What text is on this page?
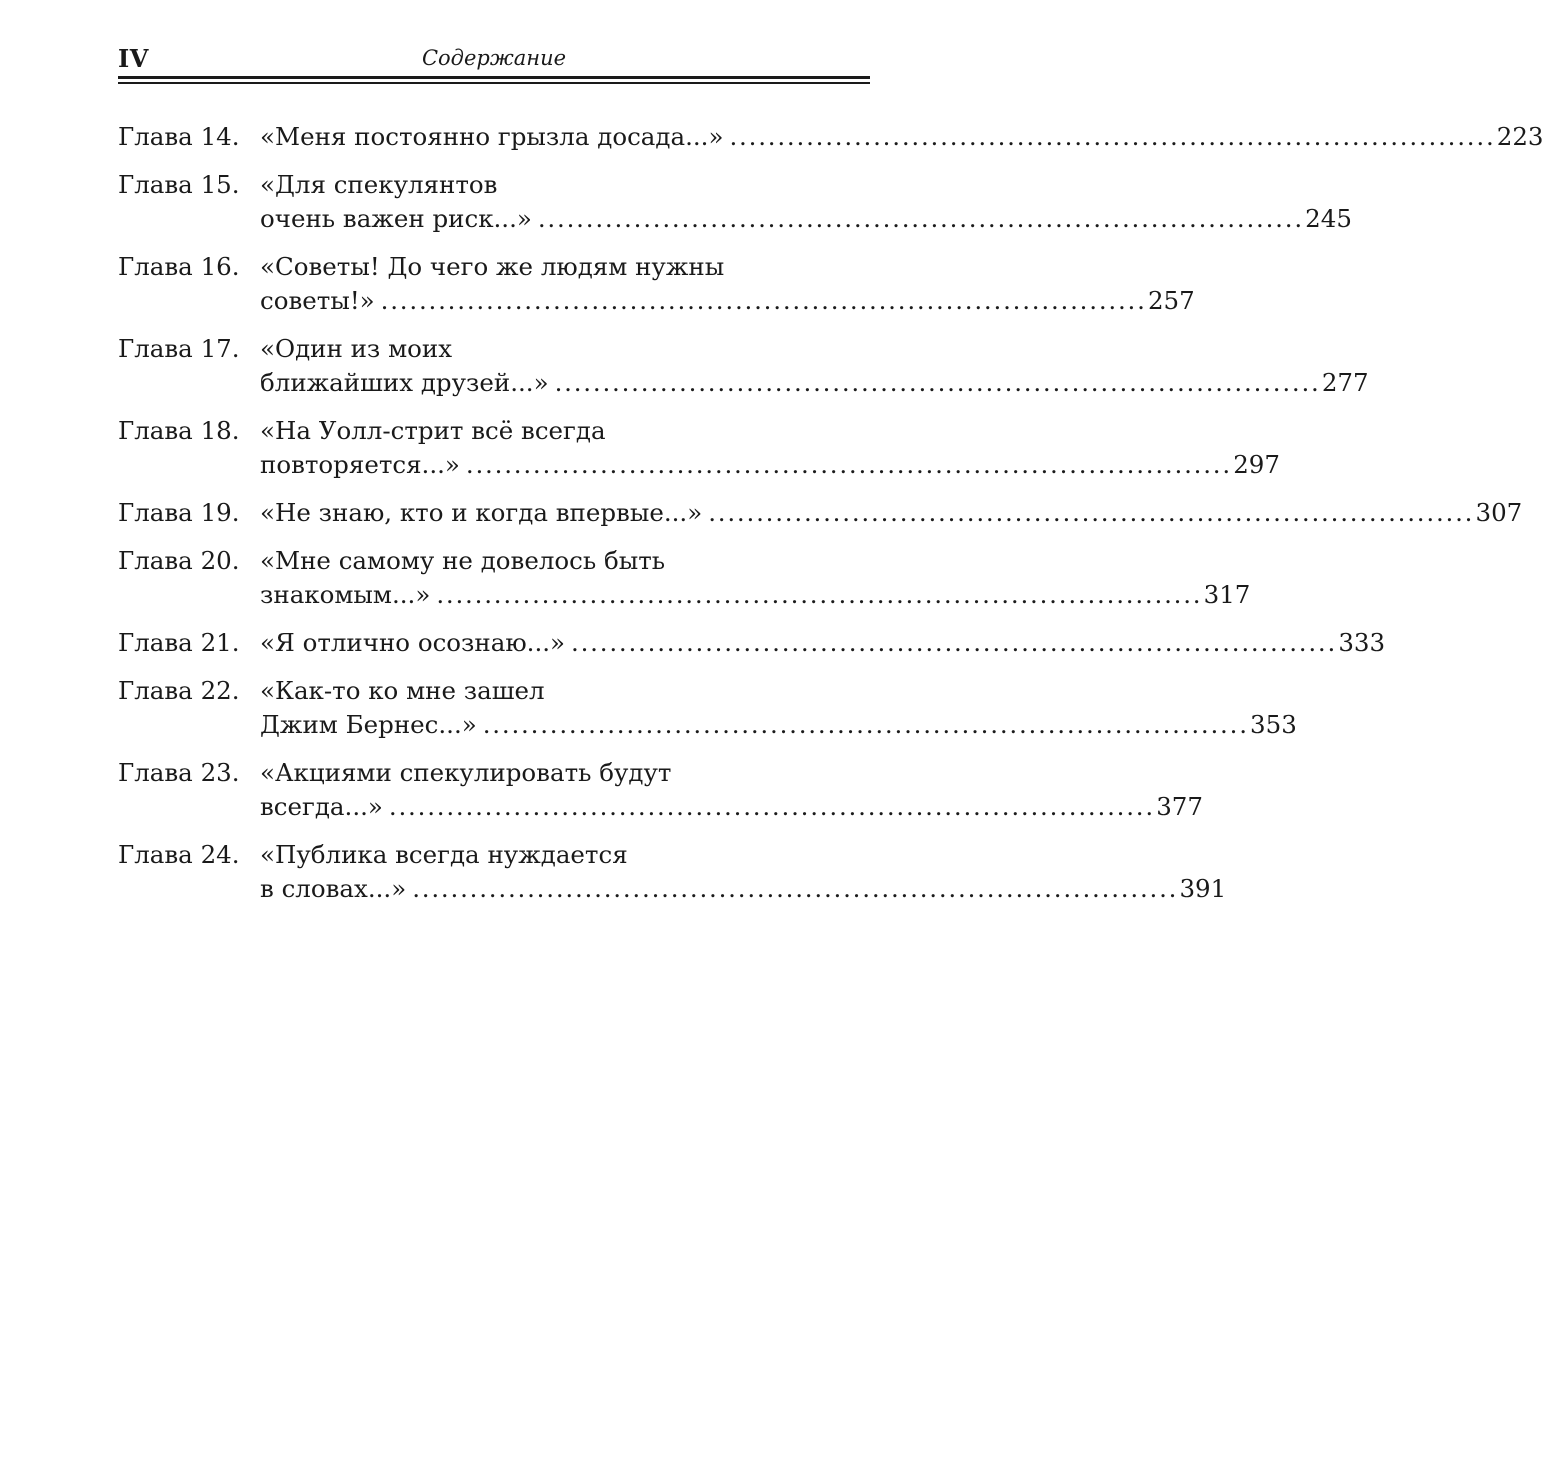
IV	Содержание
Глава 14. «Меня постоянно грызла досада...» . . .	223
Глава 15. «Для спекулянтов
очень важен риск...» . . .	245
Глава 16. «Советы! До чего же людям нужны
советы!» . . .	257
Глава 17. «Один из моих
ближайших друзей...» . . .	277
Глава 18. «На Уолл-стрит всё всегда
повторяется...» . . .	297
Глава 19. «Не знаю, кто и когда впервые...» . . .	307
Глава 20. «Мне самому не довелось быть
знакомым...» . . .	317
Глава 21. «Я отлично осознаю...» . . .	333
Глава 22. «Как-то ко мне зашел
Джим Бернес...» . . .	353
Глава 23. «Акциями спекулировать будут
всегда...» . . .	377
Глава 24. «Публика всегда нуждается
в словах...» . . .	391
